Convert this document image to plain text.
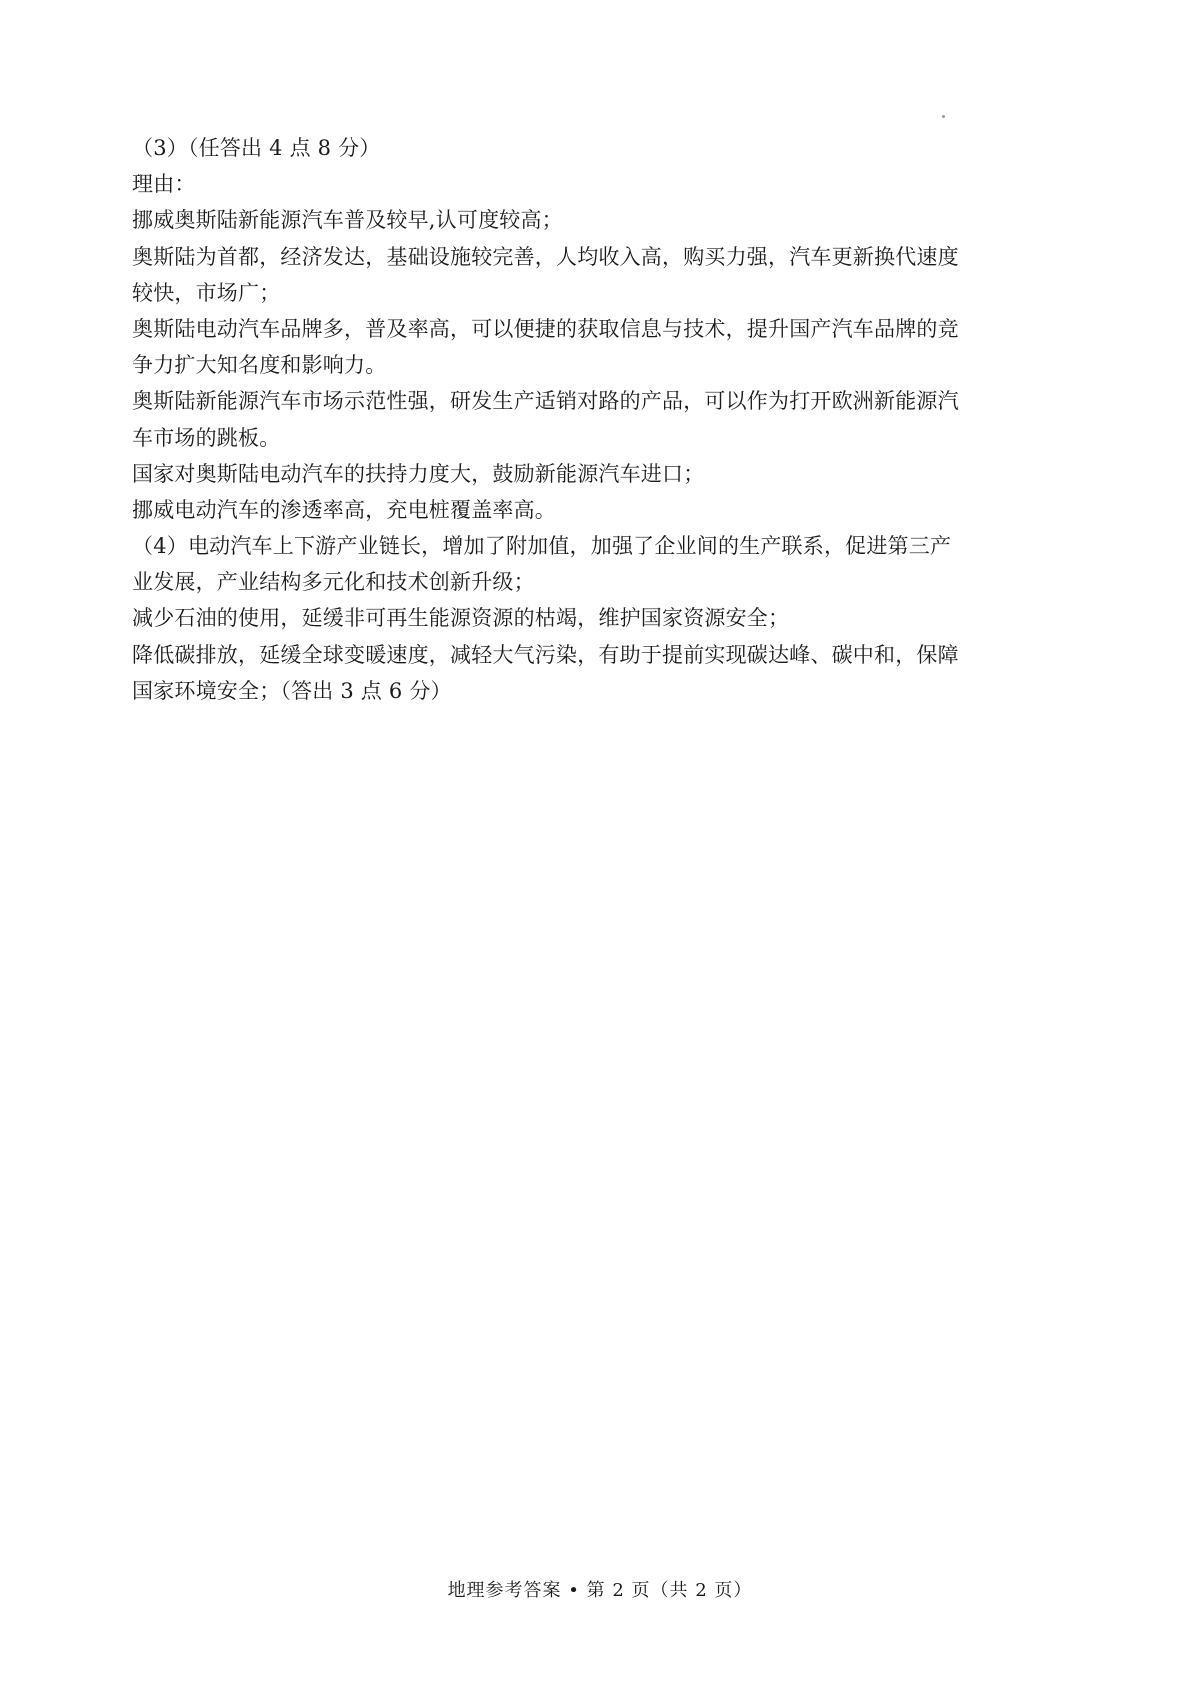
（3）（任答出 4 点 8 分）
理由：
挪威奥斯陆新能源汽车普及较早,认可度较高；
奥斯陆为首都，经济发达，基础设施较完善，人均收入高，购买力强，汽车更新换代速度
较快，市场广；
奥斯陆电动汽车品牌多，普及率高，可以便捷的获取信息与技术，提升国产汽车品牌的竞
争力扩大知名度和影响力。
奥斯陆新能源汽车市场示范性强，研发生产适销对路的产品，可以作为打开欧洲新能源汽
车市场的跳板。
国家对奥斯陆电动汽车的扶持力度大，鼓励新能源汽车进口；
挪威电动汽车的渗透率高，充电桩覆盖率高。
（4）电动汽车上下游产业链长，增加了附加值，加强了企业间的生产联系，促进第三产
业发展，产业结构多元化和技术创新升级；
减少石油的使用，延缓非可再生能源资源的枯竭，维护国家资源安全；
降低碳排放，延缓全球变暖速度，减轻大气污染，有助于提前实现碳达峰、碳中和，保障
国家环境安全；（答出 3 点 6 分）
地理参考答案 • 第 2 页（共 2 页）
